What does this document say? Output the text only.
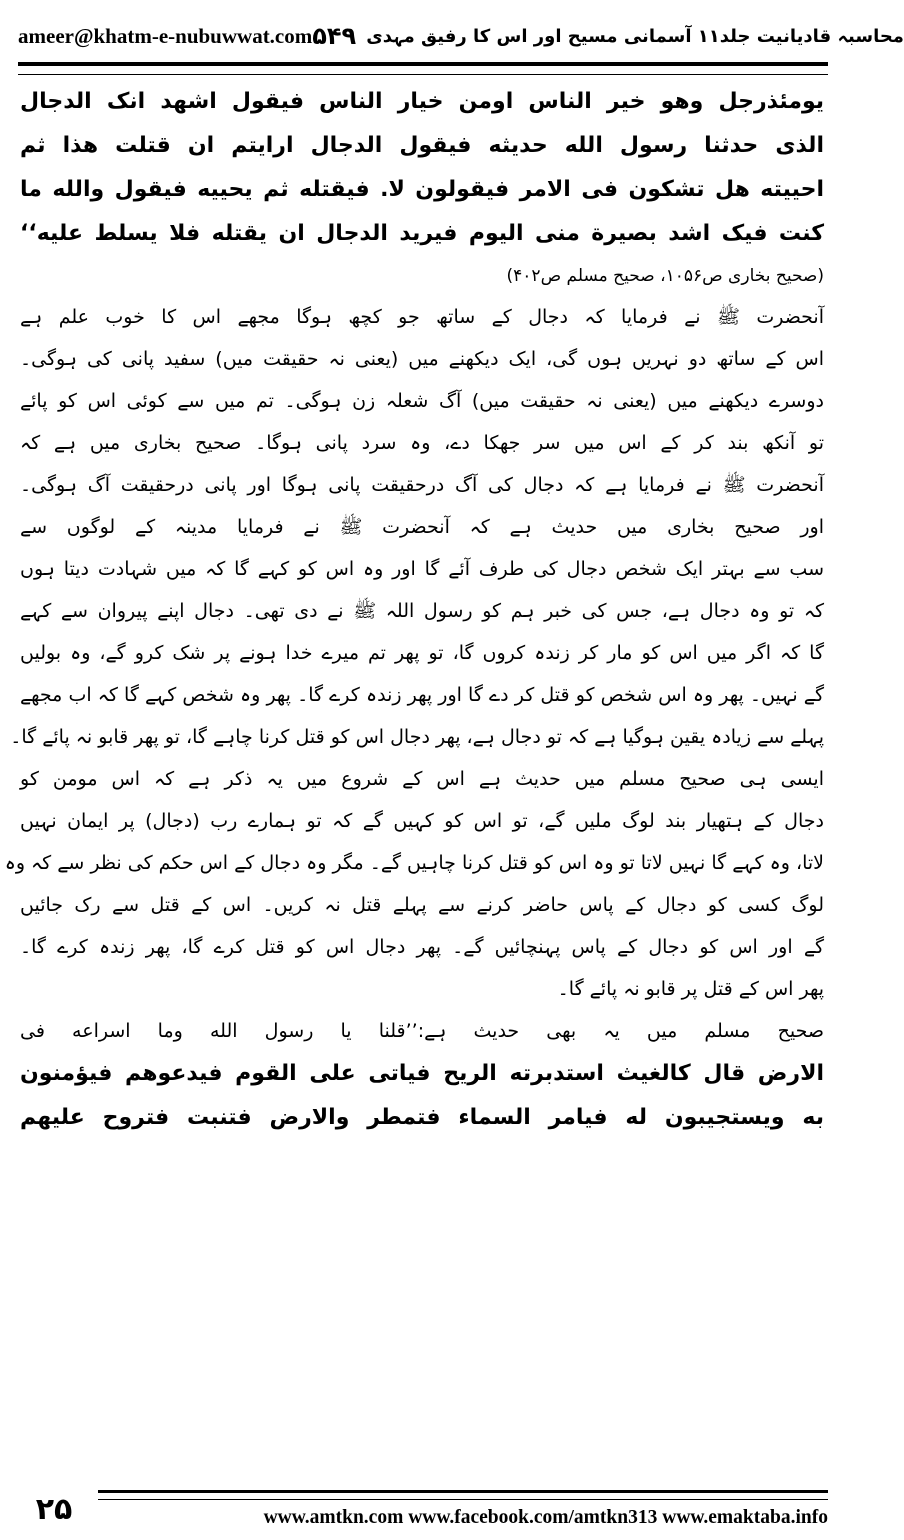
ameer@khatm-e-nubuwwat.com	محاسبہ قادیانیت جلد۱۱ آسمانی مسیح اور اس کا رفیق مہدی
۵۴۹
یومئذرجل وهو خیر الناس اومن خیار الناس فیقول اشهد انک الدجال
الذی حدثنا رسول الله حدیثه فیقول الدجال ارایتم ان قتلت هذا ثم
احییته هل تشکون فی الامر فیقولون لا. فیقتله ثم یحییه فیقول والله ما
کنت فیک اشد بصیرة منی الیوم فیرید الدجال ان یقتله فلا یسلط علیه‘‘
(صحیح بخاری ص۱۰۵۶، صحیح مسلم ص۴۰۲)
آنحضرت ﷺ نے فرمایا کہ دجال کے ساتھ جو کچھ ہوگا مجھے اس کا خوب علم ہے
اس کے ساتھ دو نہریں ہوں گی، ایک دیکھنے میں (یعنی نہ حقیقت میں) سفید پانی کی ہوگی۔
دوسرے دیکھنے میں (یعنی نہ حقیقت میں) آگ شعلہ زن ہوگی۔ تم میں سے کوئی اس کو پائے
تو آنکھ بند کر کے اس میں سر جھکا دے، وہ سرد پانی ہوگا۔ صحیح بخاری میں ہے کہ
آنحضرت ﷺ نے فرمایا ہے کہ دجال کی آگ درحقیقت پانی ہوگا اور پانی درحقیقت آگ ہوگی۔
اور صحیح بخاری میں حدیث ہے کہ آنحضرت ﷺ نے فرمایا مدینہ کے لوگوں سے
سب سے بہتر ایک شخص دجال کی طرف آئے گا اور وہ اس کو کہے گا کہ میں شہادت دیتا ہوں
کہ تو وہ دجال ہے، جس کی خبر ہم کو رسول اللہ ﷺ نے دی تھی۔ دجال اپنے پیروان سے کہے
گا کہ اگر میں اس کو مار کر زندہ کروں گا، تو پھر تم میرے خدا ہونے پر شک کرو گے، وہ بولیں
گے نہیں۔ پھر وہ اس شخص کو قتل کر دے گا اور پھر زندہ کرے گا۔ پھر وہ شخص کہے گا کہ اب مجھے
پہلے سے زیادہ یقین ہوگیا ہے کہ تو دجال ہے، پھر دجال اس کو قتل کرنا چاہے گا، تو پھر قابو نہ پائے گا۔
ایسی ہی صحیح مسلم میں حدیث ہے اس کے شروع میں یہ ذکر ہے کہ اس مومن کو
دجال کے ہتھیار بند لوگ ملیں گے، تو اس کو کہیں گے کہ تو ہمارے رب (دجال) پر ایمان نہیں
لاتا، وہ کہے گا نہیں لاتا تو وہ اس کو قتل کرنا چاہیں گے۔ مگر وہ دجال کے اس حکم کی نظر سے کہ وہ
لوگ کسی کو دجال کے پاس حاضر کرنے سے پہلے قتل نہ کریں۔ اس کے قتل سے رک جائیں
گے اور اس کو دجال کے پاس پہنچائیں گے۔ پھر دجال اس کو قتل کرے گا، پھر زندہ کرے گا۔
پھر اس کے قتل پر قابو نہ پائے گا۔
صحیح مسلم میں یہ بھی حدیث ہے:’’قلنا یا رسول الله وما اسراعه فی
الارض قال کالغیث استدبرته الریح فیاتی علی القوم فیدعوهم فیؤمنون
به ویستجیبون له فیامر السماء فتمطر والارض فتنبت فتروح علیهم
۲۵	www.amtkn.com www.facebook.com/amtkn313 www.emaktaba.info
